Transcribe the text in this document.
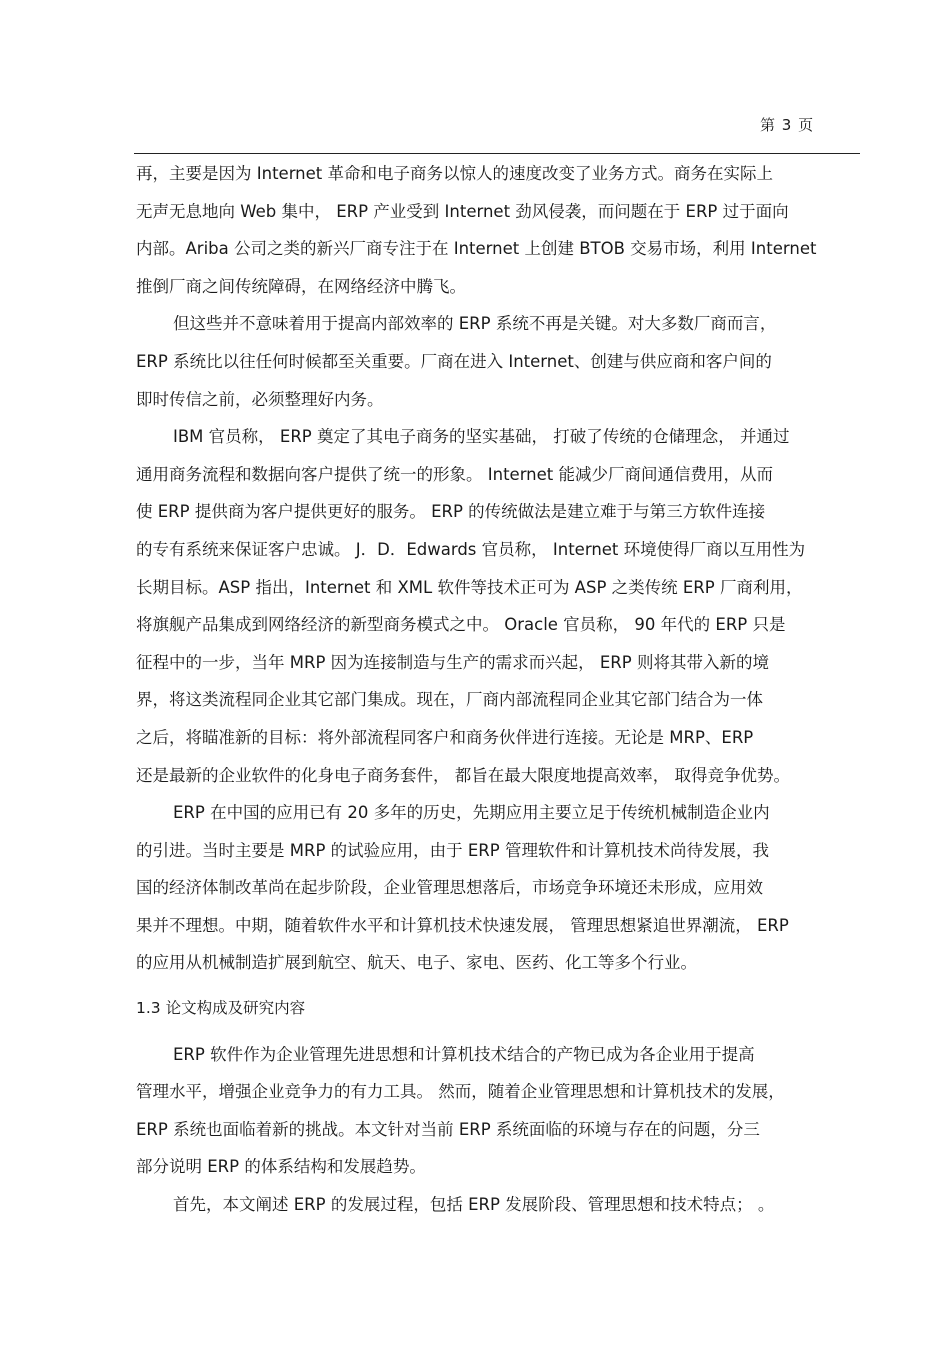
第 3 页
再，主要是因为 Internet 革命和电子商务以惊人的速度改变了业务方式。商务在实际上
无声无息地向 Web 集中， ERP 产业受到 Internet 劲风侵袭，而问题在于 ERP 过于面向
内部。Ariba 公司之类的新兴厂商专注于在 Internet 上创建 BTOB 交易市场，利用 Internet
推倒厂商之间传统障碍，在网络经济中腾飞。
但这些并不意味着用于提高内部效率的 ERP 系统不再是关键。对大多数厂商而言，
ERP 系统比以往任何时候都至关重要。厂商在进入 Internet、创建与供应商和客户间的
即时传信之前，必须整理好内务。
IBM 官员称， ERP 奠定了其电子商务的坚实基础， 打破了传统的仓储理念， 并通过
通用商务流程和数据向客户提供了统一的形象。 Internet 能减少厂商间通信费用，从而
使 ERP 提供商为客户提供更好的服务。 ERP 的传统做法是建立难于与第三方软件连接
的专有系统来保证客户忠诚。 J．D．Edwards 官员称， Internet 环境使得厂商以互用性为
长期目标。ASP 指出，Internet 和 XML 软件等技术正可为 ASP 之类传统 ERP 厂商利用，
将旗舰产品集成到网络经济的新型商务模式之中。 Oracle 官员称， 90 年代的 ERP 只是
征程中的一步，当年 MRP 因为连接制造与生产的需求而兴起， ERP 则将其带入新的境
界，将这类流程同企业其它部门集成。现在，厂商内部流程同企业其它部门结合为一体
之后，将瞄准新的目标：将外部流程同客户和商务伙伴进行连接。无论是 MRP、ERP
还是最新的企业软件的化身电子商务套件， 都旨在最大限度地提高效率， 取得竞争优势。
ERP 在中国的应用已有 20 多年的历史，先期应用主要立足于传统机械制造企业内
的引进。当时主要是 MRP 的试验应用，由于 ERP 管理软件和计算机技术尚待发展，我
国的经济体制改革尚在起步阶段，企业管理思想落后，市场竞争环境还未形成，应用效
果并不理想。中期，随着软件水平和计算机技术快速发展， 管理思想紧追世界潮流， ERP
的应用从机械制造扩展到航空、航天、电子、家电、医药、化工等多个行业。
1.3 论文构成及研究内容
ERP 软件作为企业管理先进思想和计算机技术结合的产物已成为各企业用于提高
管理水平，增强企业竞争力的有力工具。 然而，随着企业管理思想和计算机技术的发展，
ERP 系统也面临着新的挑战。本文针对当前 ERP 系统面临的环境与存在的问题，分三
部分说明 ERP 的体系结构和发展趋势。
首先，本文阐述 ERP 的发展过程，包括 ERP 发展阶段、管理思想和技术特点； 。
